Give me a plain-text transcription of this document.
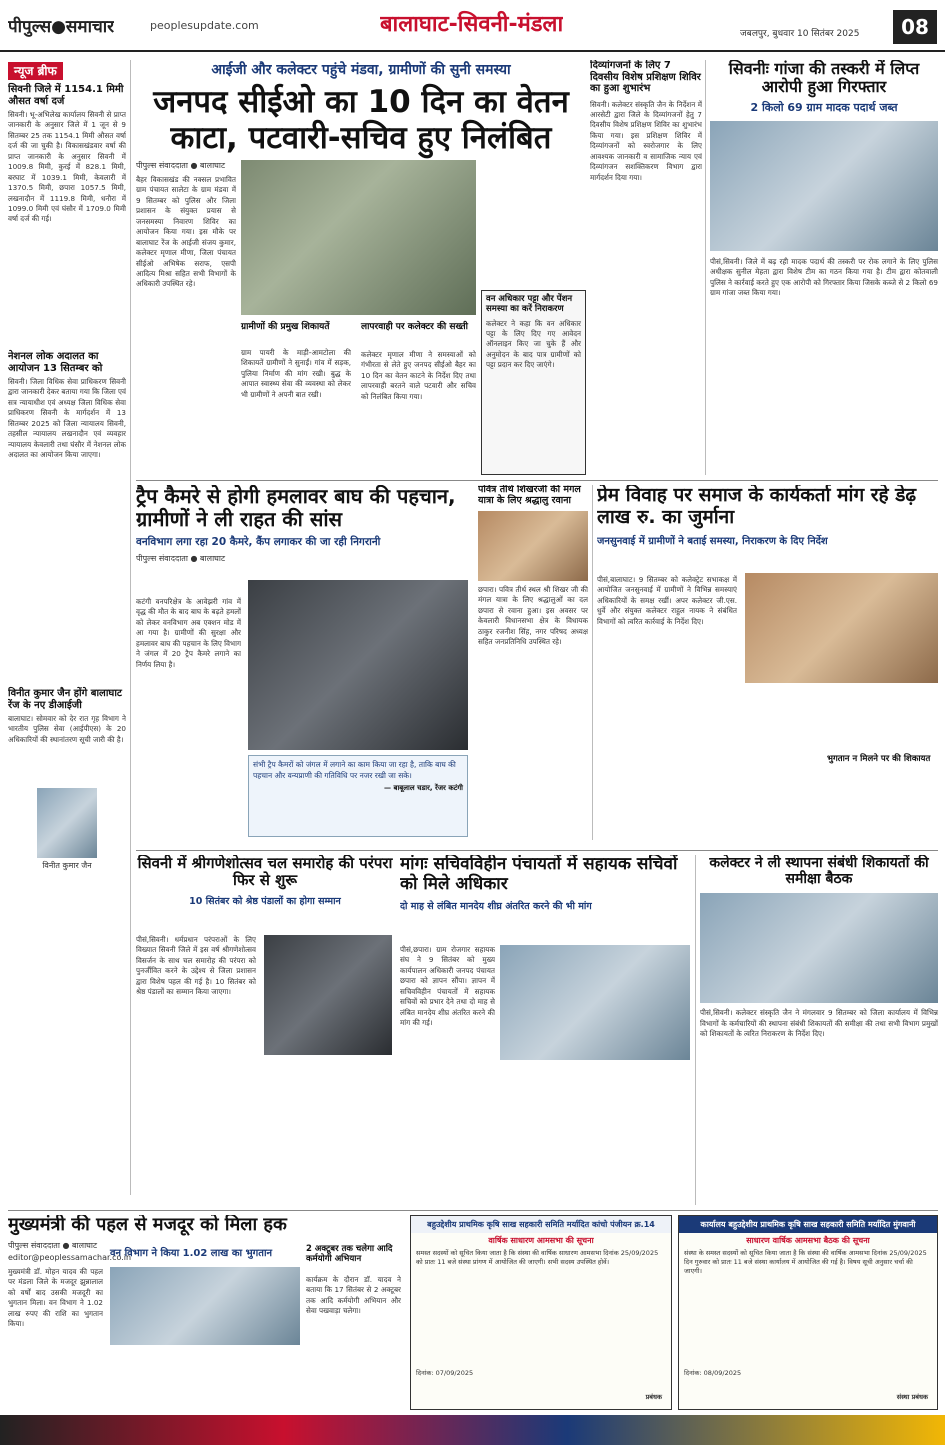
पीपुल्स●समाचार	peoplesupdate.com	बालाघाट-सिवनी-मंडला	जबलपुर, बुधवार 10 सितंबर 2025	08
न्यूज ब्रीफ
सिवनी जिले में 1154.1 मिमी औसत वर्षा दर्ज
सिवनी। भू-अभिलेख कार्यालय सिवनी से प्राप्त जानकारी के अनुसार जिले में 1 जून से 9 सितम्बर 25 तक 1154.1 मिमी औसत वर्षा दर्ज की जा चुकी है। विकासखंडवार वर्षा की प्राप्त जानकारी के अनुसार सिवनी में 1009.8 मिमी, कुरई में 828.1 मिमी, बरघाट में 1039.1 मिमी, केवलारी में 1370.5 मिमी, छपारा 1057.5 मिमी, लखनादौन में 1119.8 मिमी, धनौरा में 1099.0 मिमी एवं घंसौर में 1709.0 मिमी वर्षा दर्ज की गई।
नेशनल लोक अदालत का आयोजन 13 सितम्बर को
सिवनी। जिला विधिक सेवा प्राधिकरण सिवनी द्वारा जानकारी देकर बताया गया कि जिला एवं सत्र न्यायाधीश एवं अध्यक्ष जिला विधिक सेवा प्राधिकरण सिवनी के मार्गदर्शन में 13 सितम्बर 2025 को जिला न्यायालय सिवनी, तहसील न्यायालय लखनादौन एवं व्यवहार न्यायालय केवलारी तथा घंसौर में नेशनल लोक अदालत का आयोजन किया जाएगा।
विनीत कुमार जैन होंगे बालाघाट रेंज के नए डीआईजी
बालाघाट। सोमवार को देर रात गृह विभाग ने भारतीय पुलिस सेवा (आईपीएस) के 20 अधिकारियों की स्थानांतरण सूची जारी की है।
विनीत कुमार जैन
आईजी और कलेक्टर पहुंचे मंडवा, ग्रामीणों की सुनी समस्या
जनपद सीईओ का 10 दिन का वेतन काटा, पटवारी-सचिव हुए निलंबित
पीपुल्स संवाददाता ● बालाघाट
बैहर विकासखंड की नक्सल प्रभावित ग्राम पंचायत सालेटा के ग्राम मंडवा में 9 सितम्बर को पुलिस और जिला प्रशासन के संयुक्त प्रयास से जनसमस्या निवारण शिविर का आयोजन किया गया। इस मौके पर बालाघाट रेंज के आईजी संजय कुमार, कलेक्टर मृणाल मीणा, जिला पंचायत सीईओ अभिषेक सराफ, एसपी आदित्य मिश्रा सहित सभी विभागों के अधिकारी उपस्थित रहे।
ग्रामीणों की प्रमुख शिकायतें
ग्राम पायरी के माड़ी-आमटोला की शिकायतें ग्रामीणों ने सुनाईं। गांव में सड़क, पुलिया निर्माण की मांग रखी। बुद्ध के आपात स्वास्थ्य सेवा की व्यवस्था को लेकर भी ग्रामीणों ने अपनी बात रखी।
लापरवाही पर कलेक्टर की सख्ती
कलेक्टर मृणाल मीणा ने समस्याओं को गंभीरता से लेते हुए जनपद सीईओ बैहर का 10 दिन का वेतन काटने के निर्देश दिए तथा लापरवाही बरतने वाले पटवारी और सचिव को निलंबित किया गया।
वन अधिकार पट्टा और पेंशन समस्या का करें निराकरण
कलेक्टर ने कहा कि वन अधिकार पट्टा के लिए दिए गए आवेदन ऑनलाइन किए जा चुके हैं और अनुमोदन के बाद पात्र ग्रामीणों को पट्टा प्रदान कर दिए जाएंगे।
दिव्यांगजनों के लिए 7 दिवसीय विशेष प्रशिक्षण शिविर का हुआ शुभारंभ
सिवनी। कलेक्टर संस्कृति जैन के निर्देशन में आरसेटी द्वारा जिले के दिव्यांगजनों हेतु 7 दिवसीय विशेष प्रशिक्षण शिविर का शुभारंभ किया गया। इस प्रशिक्षण शिविर में दिव्यांगजनों को स्वरोजगार के लिए आवश्यक जानकारी व सामाजिक न्याय एवं दिव्यांगजन सशक्तिकरण विभाग द्वारा मार्गदर्शन दिया गया।
सिवनीः गांजा की तस्करी में लिप्त आरोपी हुआ गिरफ्तार
2 किलो 69 ग्राम मादक पदार्थ जब्त
पीसं,सिवनी। जिले में बढ़ रही मादक पदार्थ की तस्करी पर रोक लगाने के लिए पुलिस अधीक्षक सुनील मेहता द्वारा विशेष टीम का गठन किया गया है। टीम द्वारा कोतवाली पुलिस ने कार्रवाई करते हुए एक आरोपी को गिरफ्तार किया जिसके कब्जे से 2 किलो 69 ग्राम गांजा जब्त किया गया।
ट्रैप कैमरे से होगी हमलावर बाघ की पहचान, ग्रामीणों ने ली राहत की सांस
वनविभाग लगा रहा 20 कैमरे, कैंप लगाकर की जा रही निगरानी
पीपुल्स संवाददाता ● बालाघाट
कटंगी वनपरिक्षेत्र के आवेझरी गांव में वृद्ध की मौत के बाद बाघ के बढ़ते हमलों को लेकर वनविभाग अब एक्शन मोड में आ गया है। ग्रामीणों की सुरक्षा और हमलावर बाघ की पहचान के लिए विभाग ने जंगल में 20 ट्रैप कैमरे लगाने का निर्णय लिया है।
संभी ट्रैप कैमरों को जंगल में लगाने का काम किया जा रहा है, ताकि बाघ की पहचान और वन्यप्राणी की गतिविधि पर नजर रखी जा सके।
— बाबूलाल चडार, रेंजर कटंगी
पवित्र तीर्थ शिखरजी की मंगल यात्रा के लिए श्रद्धालु रवाना
छपारा। पवित्र तीर्थ स्थल श्री शिखर जी की मंगल यात्रा के लिए श्रद्धालुओं का दल छपारा से रवाना हुआ। इस अवसर पर केवलारी विधानसभा क्षेत्र के विधायक ठाकुर रजनीश सिंह, नगर परिषद अध्यक्ष सहित जनप्रतिनिधि उपस्थित रहे।
प्रेम विवाह पर समाज के कार्यकर्ता मांग रहे डेढ़ लाख रु. का जुर्माना
जनसुनवाई में ग्रामीणों ने बताई समस्या, निराकरण के दिए निर्देश
पीसं,बालाघाट। 9 सितम्बर को कलेक्ट्रेट सभाकक्ष में आयोजित जनसुनवाई में ग्रामीणों ने विभिन्न समस्याएं अधिकारियों के समक्ष रखीं। अपर कलेक्टर जी.एस. धुर्वे और संयुक्त कलेक्टर राहुल नायक ने संबंधित विभागों को त्वरित कार्रवाई के निर्देश दिए।
भुगतान न मिलने पर की शिकायत
सिवनी में श्रीगणेशोत्सव चल समारोह की परंपरा फिर से शुरू
10 सितंबर को श्रेष्ठ पंडालों का होगा सम्मान
पीसं,सिवनी। धर्मप्रधान परंपराओं के लिए विख्यात सिवनी जिले में इस वर्ष श्रीगणेशोत्सव विसर्जन के साथ चल समारोह की परंपरा को पुनर्जीवित करने के उद्देश्य से जिला प्रशासन द्वारा विशेष पहल की गई है। 10 सितंबर को श्रेष्ठ पंडालों का सम्मान किया जाएगा।
मांगः सचिवविहीन पंचायतों में सहायक सचिवों को मिले अधिकार
दो माह से लंबित मानदेय शीघ्र अंतरित करने की भी मांग
पीसं,छपारा। ग्राम रोजगार सहायक संघ ने 9 सितंबर को मुख्य कार्यपालन अधिकारी जनपद पंचायत छपारा को ज्ञापन सौंपा। ज्ञापन में सचिवविहीन पंचायतों में सहायक सचिवों को प्रभार देने तथा दो माह से लंबित मानदेय शीघ्र अंतरित करने की मांग की गई।
कलेक्टर ने ली स्थापना संबंधी शिकायतों की समीक्षा बैठक
पीसं,सिवनी। कलेक्टर संस्कृति जैन ने मंगलवार 9 सितम्बर को जिला कार्यालय में विभिन्न विभागों के कर्मचारियों की स्थापना संबंधी शिकायतों की समीक्षा की तथा सभी विभाग प्रमुखों को शिकायतों के त्वरित निराकरण के निर्देश दिए।
मुख्यमंत्री की पहल से मजदूर को मिला हक
पीपुल्स संवाददाता ● बालाघाट
editor@peoplessamachar.co.in
मुख्यमंत्री डॉ. मोहन यादव की पहल पर मंडला जिले के मजदूर झुन्नालाल को वर्षों बाद उसकी मजदूरी का भुगतान मिला। वन विभाग ने 1.02 लाख रुपए की राशि का भुगतान किया।
वन विभाग ने किया 1.02 लाख का भुगतान	2 अक्टूबर तक चलेगा आदि कर्मयोगी अभियान
कार्यक्रम के दौरान डॉ. यादव ने बताया कि 17 सितंबर से 2 अक्टूबर तक आदि कर्मयोगी अभियान और सेवा पखवाड़ा चलेगा।
बहुउद्देशीय प्राथमिक कृषि साख सहकारी समिति मर्यादित कांचो पंजीयन क्र.14
वार्षिक साधारण आमसभा की सूचना
समस्त सदस्यों को सूचित किया जाता है कि संस्था की वार्षिक साधारण आमसभा दिनांक 25/09/2025 को प्रातः 11 बजे संस्था प्रांगण में आयोजित की जाएगी। सभी सदस्य उपस्थित होवें।
दिनांक: 07/09/2025
प्रबंधक
कार्यालय बहुउद्देशीय प्राथमिक कृषि साख सहकारी समिति मर्यादित मुंगवानी
साधारण वार्षिक आमसभा बैठक की सूचना
संस्था के समस्त सदस्यों को सूचित किया जाता है कि संस्था की वार्षिक आमसभा दिनांक 25/09/2025 दिन गुरुवार को प्रातः 11 बजे संस्था कार्यालय में आयोजित की गई है। विषय सूची अनुसार चर्चा की जाएगी।
दिनांक: 08/09/2025
संस्था प्रबंधक
